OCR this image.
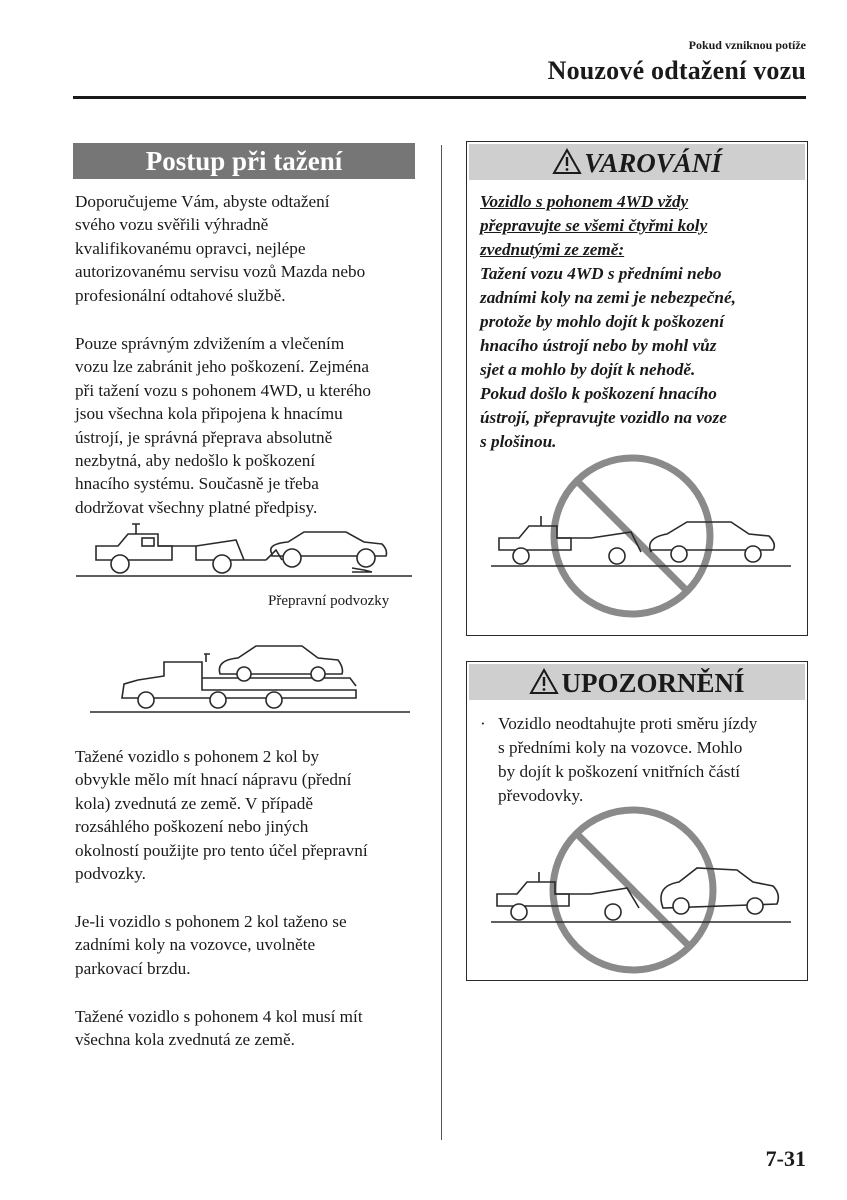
Pokud vzniknou potíže
Nouzové odtažení vozu
Postup při tažení
Doporučujeme Vám, abyste odtažení
svého vozu svěřili výhradně
kvalifikovanému opravci, nejlépe
autorizovanému servisu vozů Mazda nebo
profesionální odtahové službě.
Pouze správným zdvižením a vlečením
vozu lze zabránit jeho poškození. Zejména
při tažení vozu s pohonem 4WD, u kterého
jsou všechna kola připojena k hnacímu
ústrojí, je správná přeprava absolutně
nezbytná, aby nedošlo k poškození
hnacího systému. Současně je třeba
dodržovat všechny platné předpisy.
Přepravní podvozky
Tažené vozidlo s pohonem 2 kol by
obvykle mělo mít hnací nápravu (přední
kola) zvednutá ze země. V případě
rozsáhlého poškození nebo jiných
okolností použijte pro tento účel přepravní
podvozky.
Je-li vozidlo s pohonem 2 kol taženo se
zadními koly na vozovce, uvolněte
parkovací brzdu.
Tažené vozidlo s pohonem 4 kol musí mít
všechna kola zvednutá ze země.
VAROVÁNÍ
Vozidlo s pohonem 4WD vždy
přepravujte se všemi čtyřmi koly
zvednutými ze země:
Tažení vozu 4WD s předními nebo
zadními koly na zemi je nebezpečné,
protože by mohlo dojít k poškození
hnacího ústrojí nebo by mohl vůz
sjet a mohlo by dojít k nehodě.
Pokud došlo k poškození hnacího
ústrojí, přepravujte vozidlo na voze
s plošinou.
UPOZORNĚNÍ
· Vozidlo neodtahujte proti směru jízdy
s předními koly na vozovce. Mohlo
by dojít k poškození vnitřních částí
převodovky.
7-31
